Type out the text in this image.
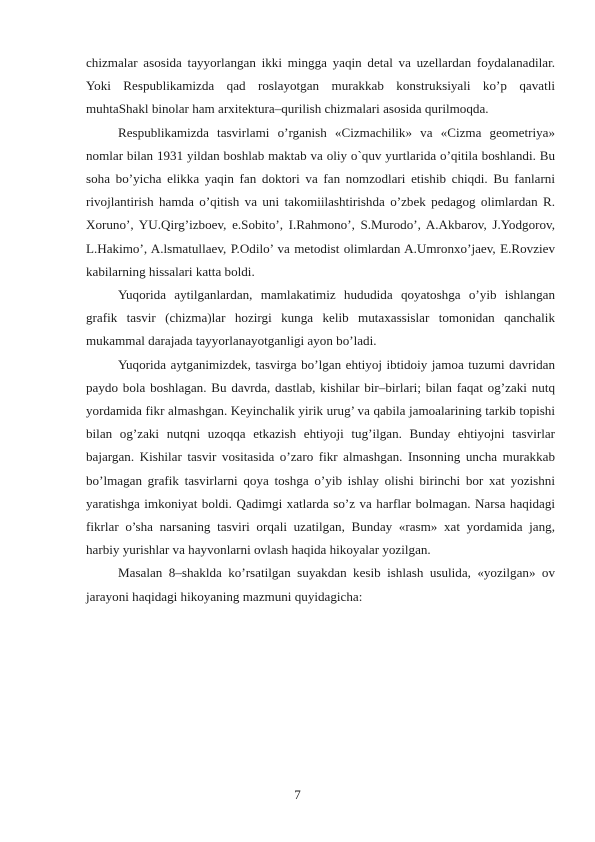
chizmalar asosida tayyorlangan ikki mingga yaqin detal va uzellardan foydalanadilar. Yoki Respublikamizda qad roslayotgan murakkab konstruksiyali ko’p qavatli muhtaShakl binolar ham arxitektura–qurilish chizmalari asosida qurilmoqda.

Respublikamizda tasvirlami o’rganish «Cizmachilik» va «Cizma geometriya» nomlar bilan 1931 yildan boshlab maktab va oliy o`quv yurtlarida o’qitila boshlandi. Bu soha bo’yicha elikka yaqin fan doktori va fan nomzodlari etishib chiqdi. Bu fanlarni rivojlantirish hamda o’qitish va uni takomiilashtirishda o’zbek pedagog olimlardan R. Xoruno’, YU.Qirg’izboev, e.Sobito’, I.Rahmono’, S.Murodo’, A.Akbarov, J.Yodgorov, L.Hakimo’, A.lsmatullaev, P.Odilo’ va metodist olimlardan A.Umronxo’jaev, E.Rovziev kabilarning hissalari katta boldi.

Yuqorida aytilganlardan, mamlakatimiz hududida qoyatoshga o’yib ishlangan grafik tasvir (chizma)lar hozirgi kunga kelib mutaxassislar tomonidan qanchalik mukammal darajada tayyorlanayotganligi ayon bo’ladi.

Yuqorida aytganimizdek, tasvirga bo’lgan ehtiyoj ibtidoiy jamoa tuzumi davridan paydo bola boshlagan. Bu davrda, dastlab, kishilar bir–birlari; bilan faqat og’zaki nutq yordamida fikr almashgan. Keyinchalik yirik urug’ va qabila jamoalarining tarkib topishi bilan og’zaki nutqni uzoqqa etkazish ehtiyoji tug’ilgan. Bunday ehtiyojni tasvirlar bajargan. Kishilar tasvir vositasida o’zaro fikr almashgan. Insonning uncha murakkab bo’lmagan grafik tasvirlarni qoya toshga o’yib ishlay olishi birinchi bor xat yozishni yaratishga imkoniyat boldi. Qadimgi xatlarda so’z va harflar bolmagan. Narsa haqidagi fikrlar o’sha narsaning tasviri orqali uzatilgan, Bunday «rasm» xat yordamida jang, harbiy yurishlar va hayvonlarni ovlash haqida hikoyalar yozilgan.

Masalan 8–shaklda ko’rsatilgan suyakdan kesib ishlash usulida, «yozilgan» ov jarayoni haqidagi hikoyaning mazmuni quyidagicha:

7
